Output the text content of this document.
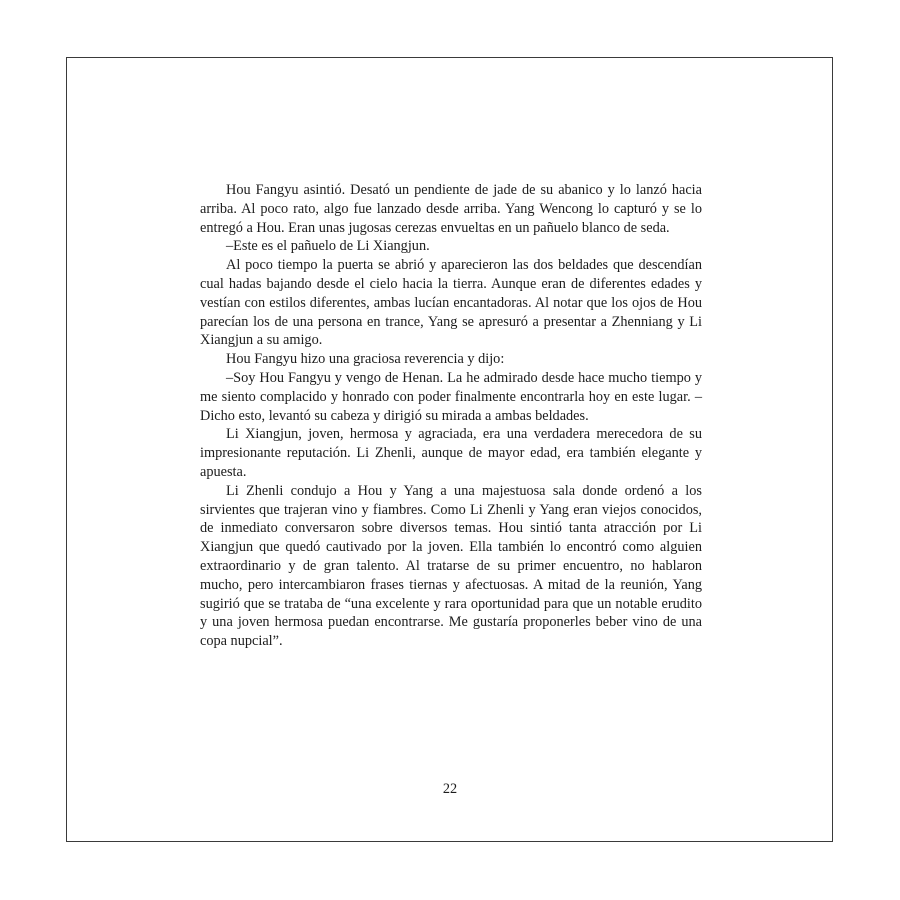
Hou Fangyu asintió. Desató un pendiente de jade de su abanico y lo lanzó hacia arriba. Al poco rato, algo fue lanzado desde arriba. Yang Wencong lo capturó y se lo entregó a Hou. Eran unas jugosas cerezas envueltas en un pañuelo blanco de seda.

–Este es el pañuelo de Li Xiangjun.

Al poco tiempo la puerta se abrió y aparecieron las dos beldades que descendían cual hadas bajando desde el cielo hacia la tierra. Aunque eran de diferentes edades y vestían con estilos diferentes, ambas lucían encantadoras. Al notar que los ojos de Hou parecían los de una persona en trance, Yang se apresuró a presentar a Zhenniang y Li Xiangjun a su amigo.

Hou Fangyu hizo una graciosa reverencia y dijo:

–Soy Hou Fangyu y vengo de Henan. La he admirado desde hace mucho tiempo y me siento complacido y honrado con poder finalmente encontrarla hoy en este lugar. –Dicho esto, levantó su cabeza y dirigió su mirada a ambas beldades.

Li Xiangjun, joven, hermosa y agraciada, era una verdadera merecedora de su impresionante reputación. Li Zhenli, aunque de mayor edad, era también elegante y apuesta.

Li Zhenli condujo a Hou y Yang a una majestuosa sala donde ordenó a los sirvientes que trajeran vino y fiambres. Como Li Zhenli y Yang eran viejos conocidos, de inmediato conversaron sobre diversos temas. Hou sintió tanta atracción por Li Xiangjun que quedó cautivado por la joven. Ella también lo encontró como alguien extraordinario y de gran talento. Al tratarse de su primer encuentro, no hablaron mucho, pero intercambiaron frases tiernas y afectuosas. A mitad de la reunión, Yang sugirió que se trataba de “una excelente y rara oportunidad para que un notable erudito y una joven hermosa puedan encontrarse. Me gustaría proponerles beber vino de una copa nupcial”.

22
